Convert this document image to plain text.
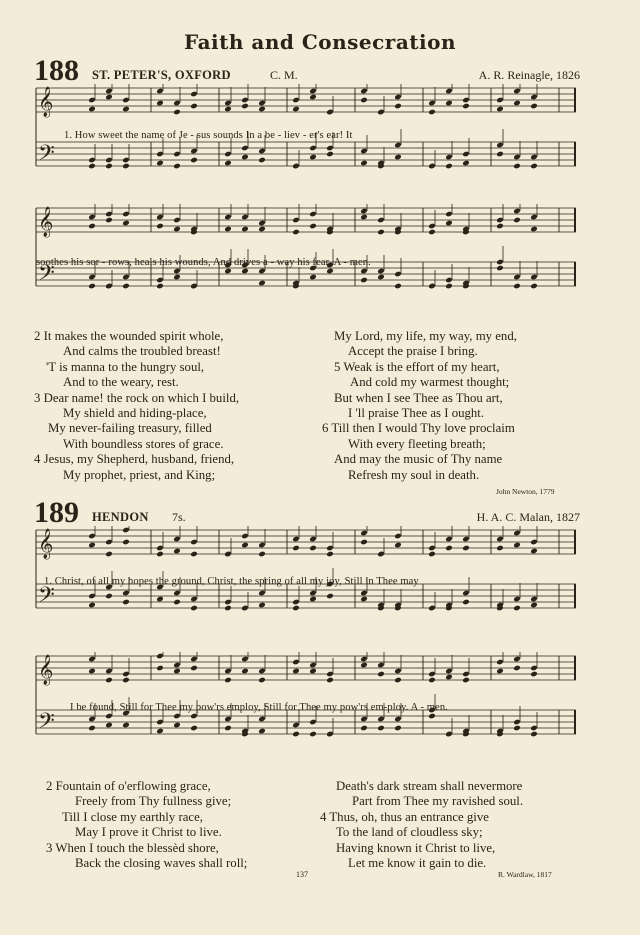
Faith and Consecration
188 ST. PETER'S, OXFORD	C. M.	A. R. Reinagle, 1826
𝄞
𝄢
1. How sweet the name of Je - sus sounds In a be - liev - er's ear! It
𝄞
𝄢
soothes his sor - rows, heals his wounds, And drives a - way his fear. A - men.
2 It makes the wounded spirit whole,
And calms the troubled breast!
'T is manna to the hungry soul,
And to the weary, rest.
3 Dear name! the rock on which I build,
My shield and hiding-place,
My never-failing treasury, filled
With boundless stores of grace.
4 Jesus, my Shepherd, husband, friend,
My prophet, priest, and King;
My Lord, my life, my way, my end,
Accept the praise I bring.
5 Weak is the effort of my heart,
And cold my warmest thought;
But when I see Thee as Thou art,
I 'll praise Thee as I ought.
6 Till then I would Thy love proclaim
With every fleeting breath;
And may the music of Thy name
Refresh my soul in death.
John Newton, 1779
189 HENDON 7s.	H. A. C. Malan, 1827
𝄞
𝄢
1. Christ, of all my hopes the ground, Christ, the spring of all my joy, Still in Thee may
𝄞
𝄢
I be found, Still for Thee my pow'rs employ, Still for Thee my pow'rs em-ploy. A - men.
2 Fountain of o'erflowing grace,
Freely from Thy fullness give;
Till I close my earthly race,
May I prove it Christ to live.
3 When I touch the blessèd shore,
Back the closing waves shall roll;
Death's dark stream shall nevermore
Part from Thee my ravished soul.
4 Thus, oh, thus an entrance give
To the land of cloudless sky;
Having known it Christ to live,
Let me know it gain to die.
R. Wardlaw, 1817
137
